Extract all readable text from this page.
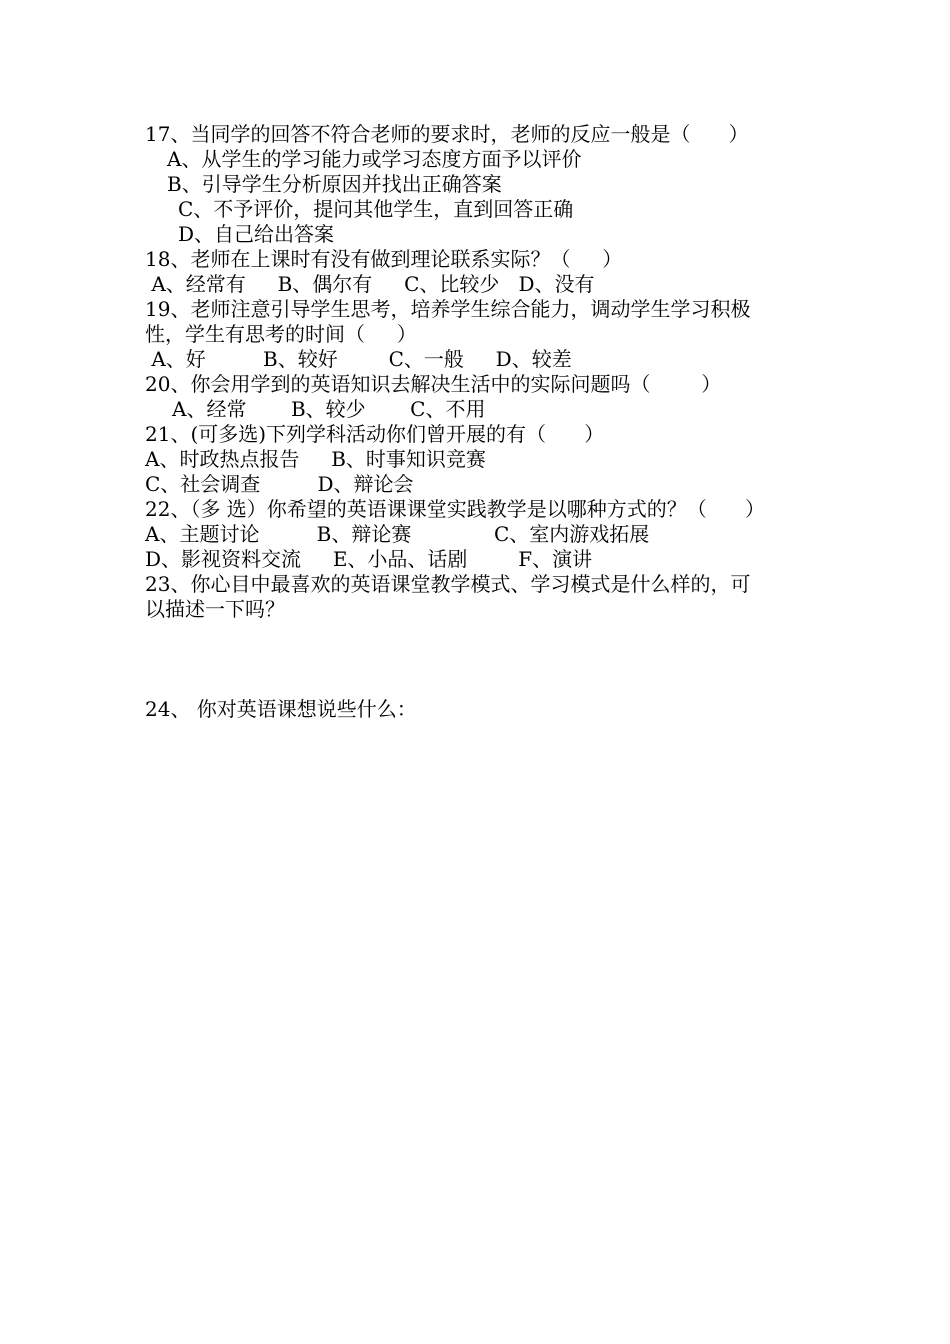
17、当同学的回答不符合老师的要求时，老师的反应一般是（      ）
A、从学生的学习能力或学习态度方面予以评价
B、引导学生分析原因并找出正确答案
C、不予评价，提问其他学生，直到回答正确
D、自己给出答案
18、老师在上课时有没有做到理论联系实际？（     ）
A、经常有     B、偶尔有     C、比较少   D、没有
19、老师注意引导学生思考，培养学生综合能力，调动学生学习积极
性，学生有思考的时间（     ）
A、好         B、较好        C、一般     D、较差
20、你会用学到的英语知识去解决生活中的实际问题吗（        ）
A、经常       B、较少       C、不用
21、(可多选)下列学科活动你们曾开展的有（      ）
A、时政热点报告     B、时事知识竞赛
C、社会调查         D、辩论会
22、（多 选）你希望的英语课课堂实践教学是以哪种方式的？（      ）
A、主题讨论         B、辩论赛             C、室内游戏拓展
D、影视资料交流     E、小品、话剧        F、演讲
23、你心目中最喜欢的英语课堂教学模式、学习模式是什么样的，可
以描述一下吗？
24、 你对英语课想说些什么：
